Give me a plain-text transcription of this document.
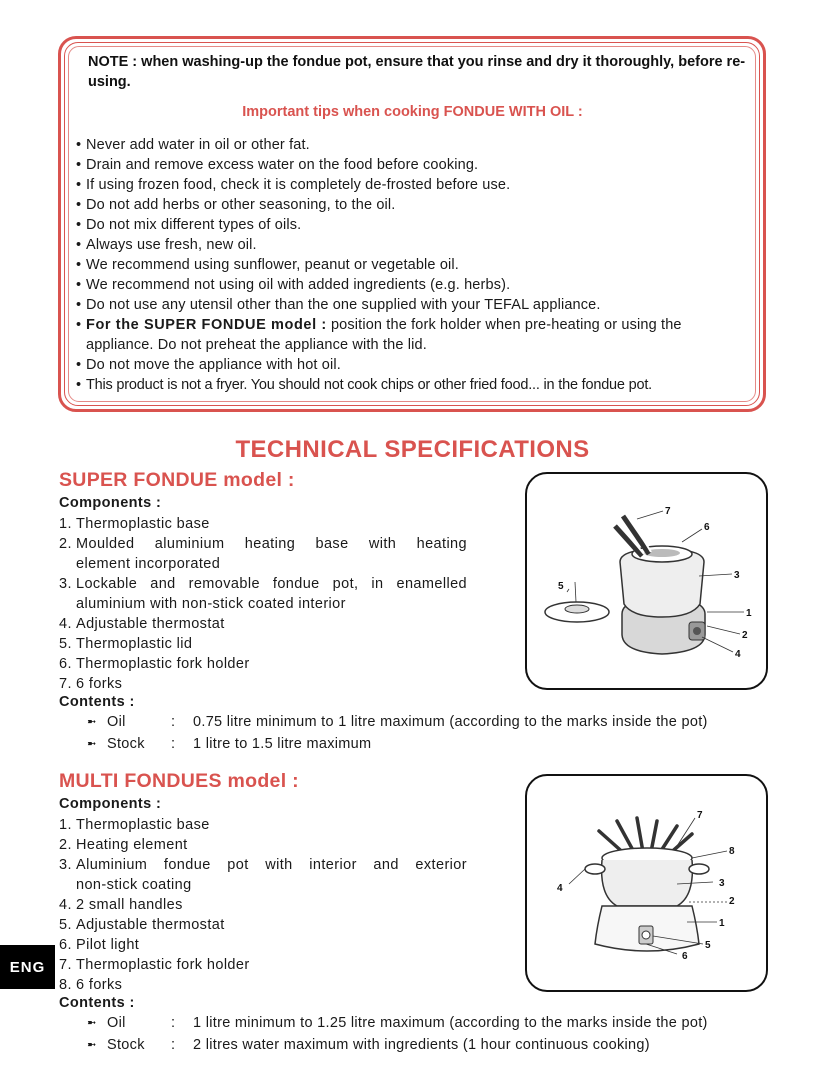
NOTE : when washing-up the fondue pot, ensure that you rinse and dry it thoroughly, before re-using.
Important tips when cooking FONDUE WITH OIL :
• Never add water in oil or other fat.
• Drain and remove excess water on the food before cooking.
• If using frozen food, check it is completely de-frosted before use.
• Do not add herbs or other seasoning, to the oil.
• Do not mix different types of oils.
• Always use fresh, new oil.
• We recommend using sunflower, peanut or vegetable oil.
• We recommend not using oil with added ingredients (e.g. herbs).
• Do not use any utensil other than the one supplied with your TEFAL appliance.
• For the SUPER FONDUE model : position the fork holder when pre-heating or using the
appliance. Do not preheat the appliance with the lid.
• Do not move the appliance with hot oil.
• This product is not a fryer. You should not cook chips or other fried food... in the fondue pot.
TECHNICAL SPECIFICATIONS
SUPER FONDUE model :
Components :
1. Thermoplastic base
2. Moulded aluminium heating base with heating
element incorporated
3. Lockable and removable fondue pot, in enamelled
aluminium with non-stick coated interior
4. Adjustable thermostat
5. Thermoplastic lid
6. Thermoplastic fork holder
7. 6 forks
Contents :
➼ Oil	:	0.75 litre minimum to 1 litre maximum (according to the marks inside the pot)
➼ Stock	:	1 litre to 1.5 litre maximum
7
6
3
5
1
2
4
MULTI FONDUES model :
Components :
1. Thermoplastic base
2. Heating element
3. Aluminium fondue pot with interior and exterior
non-stick coating
4. 2 small handles
5. Adjustable thermostat
6. Pilot light
7. Thermoplastic fork holder
8. 6 forks
Contents :
➼ Oil	:	1 litre minimum to 1.25 litre maximum (according to the marks inside the pot)
➼ Stock	:	2 litres water maximum with ingredients (1 hour continuous cooking)
7
8
4	3
2
1
5
6
ENG
